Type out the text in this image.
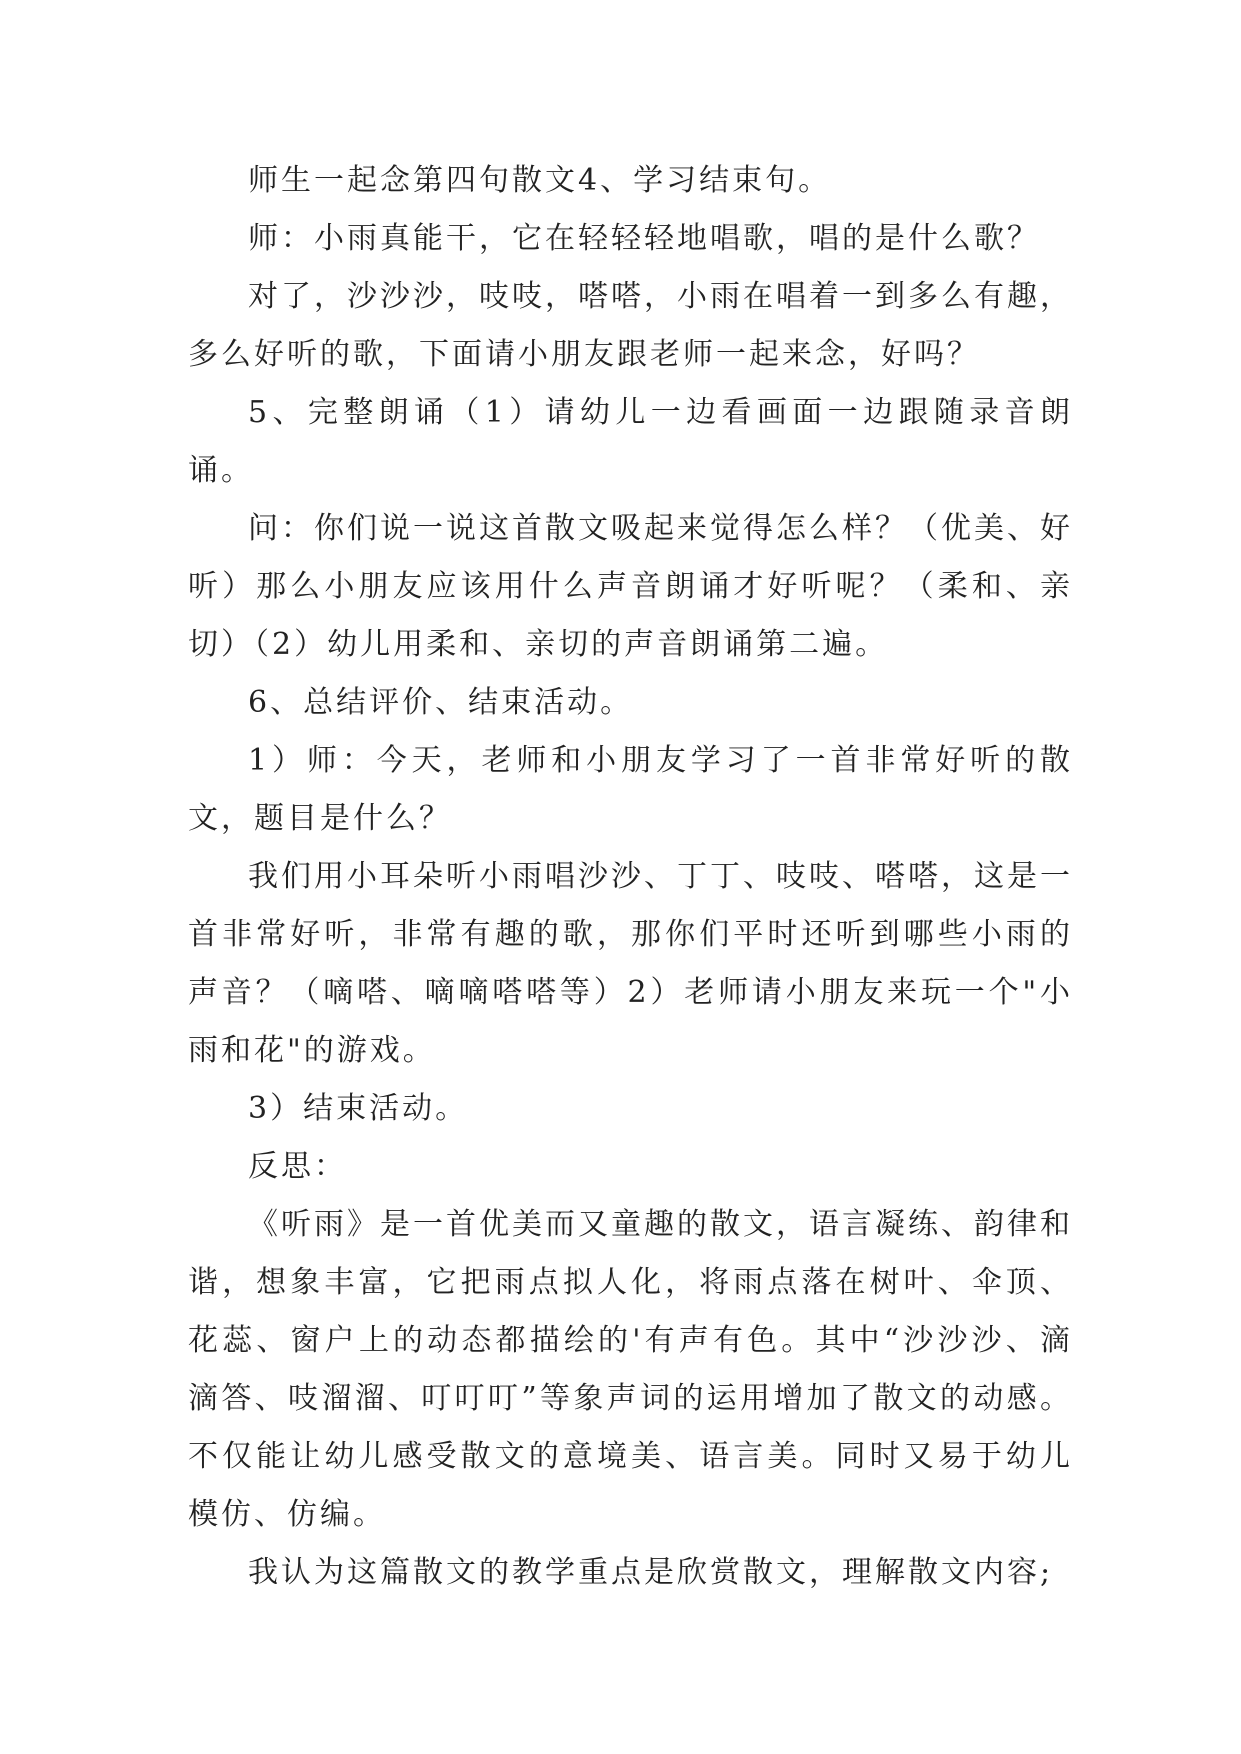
师生一起念第四句散文4、学习结束句。

师：小雨真能干，它在轻轻轻地唱歌，唱的是什么歌？

对了，沙沙沙，吱吱，嗒嗒，小雨在唱着一到多么有趣，多么好听的歌，下面请小朋友跟老师一起来念，好吗？

5、完整朗诵（1）请幼儿一边看画面一边跟随录音朗诵。

问：你们说一说这首散文吸起来觉得怎么样？（优美、好听）那么小朋友应该用什么声音朗诵才好听呢？（柔和、亲切）（2）幼儿用柔和、亲切的声音朗诵第二遍。

6、总结评价、结束活动。

1）师：今天，老师和小朋友学习了一首非常好听的散文，题目是什么？

我们用小耳朵听小雨唱沙沙、丁丁、吱吱、嗒嗒，这是一首非常好听，非常有趣的歌，那你们平时还听到哪些小雨的声音？（嘀嗒、嘀嘀嗒嗒等）2）老师请小朋友来玩一个"小雨和花"的游戏。

3）结束活动。

反思：

《听雨》是一首优美而又童趣的散文，语言凝练、韵律和谐，想象丰富，它把雨点拟人化，将雨点落在树叶、伞顶、花蕊、窗户上的动态都描绘的'有声有色。其中“沙沙沙、滴滴答、吱溜溜、叮叮叮”等象声词的运用增加了散文的动感。不仅能让幼儿感受散文的意境美、语言美。同时又易于幼儿模仿、仿编。

我认为这篇散文的教学重点是欣赏散文，理解散文内容;
